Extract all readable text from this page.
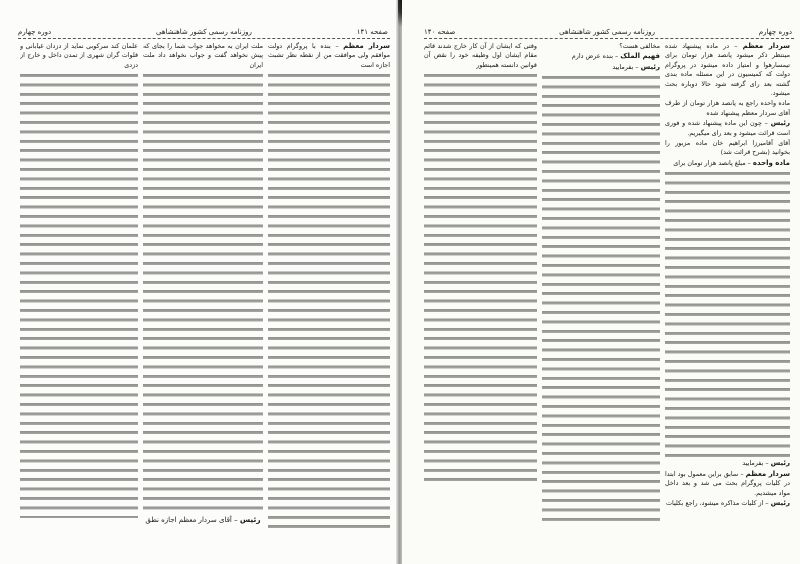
صفحه ۱۴۱
روزنامه رسمی کشور شاهنشاهی
دوره چهارم

سردار معظم – بنده با پروگرام دولت موافقم ولی موافقت من از نقطه نظر تشبث اجازه است

ملت ایران به مخواهد جواب شما را بجای که پیش نخواهد گفت و جواب نخواهد داد ملت ایران

رئیس – آقای سردار معظم اجازه نطق

علمان کند سرکوبی نماید از دزدان غیابانی و قلوات گران شهری از تمدن داخل و خارج از دزدی

دوره چهارم
روزنامه رسمی کشور شاهنشاهی
صفحه ۱۴۰

سردار معظم – در ماده پیشنهاد شده مینتظر ذکر میشود پانصد هزار تومان برای تیمسارهوا و امتیاز داده میشود در پروگرام دولت که کمیسیون در این مسئله ماده بندی گشته بعد رای گرفته شود حالا دوباره بحث میشود.

ماده واحده راجع به پانصد هزار تومان از طرف آقای سردار معظم پیشنهاد شده

رئیس – چون این ماده پیشنهاد شده و فوری است قرائت میشود و بعد رای میگیریم.

آقای آقامیرزا ابراهیم خان ماده مزبور را بخوانید (بشرح قرائت شد)

ماده واحده – مبلغ پانصد هزار تومان برای

رئیس – بفرمایید

سردار معظم – سابق براین معمول بود ابتدا در کلیات پروگرام بحث می شد و بعد داخل مواد میشدیم.

رئیس – از کلیات مذاکره میشود، راجع بکلیات

مخالفی هست؟

فهیم الملک – بنده عرض دارم

رئیس – بفرمایید

وقتی که ایشان از آن کار خارج شدند قائم مقام ایشان اول وظیفه خود را نقض آن قوانین دانسته همینطور
